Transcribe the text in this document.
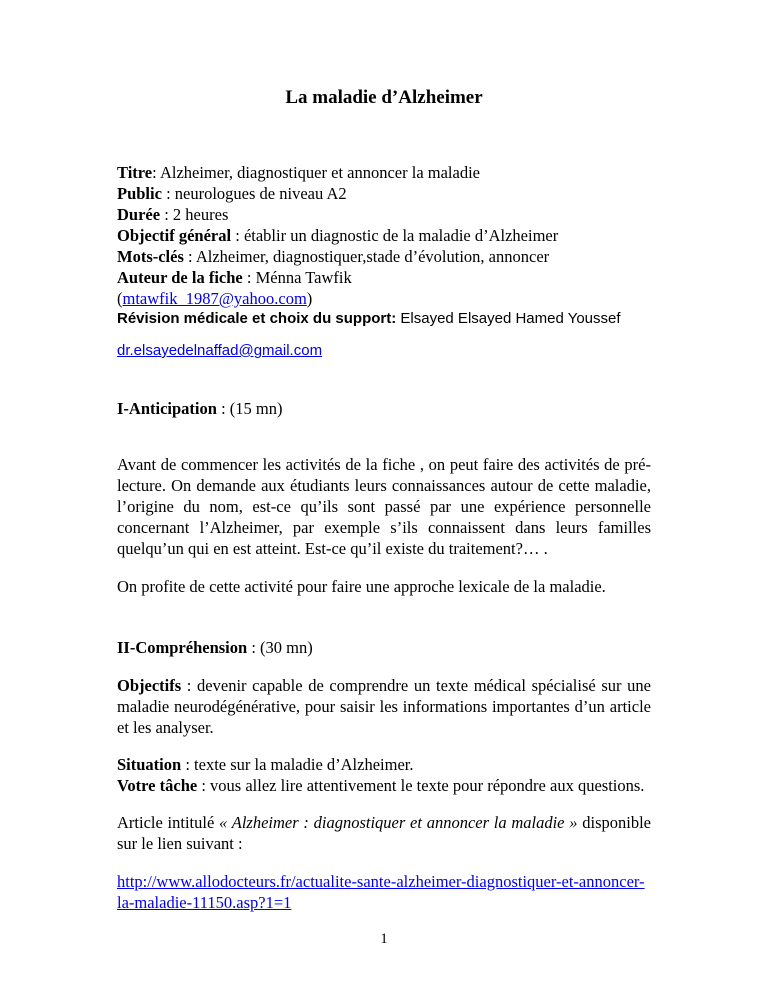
La maladie d’Alzheimer
Titre: Alzheimer, diagnostiquer et annoncer la maladie
Public : neurologues de niveau A2
Durée : 2 heures
Objectif général : établir un diagnostic de la maladie d’Alzheimer
Mots-clés : Alzheimer, diagnostiquer,stade d’évolution, annoncer
Auteur de la fiche : Ménna Tawfik
(mtawfik_1987@yahoo.com)
Révision médicale et choix du support: Elsayed Elsayed Hamed Youssef
dr.elsayedelnaffad@gmail.com
I-Anticipation : (15 mn)

Avant de commencer les activités de la fiche , on peut faire des activités de pré-lecture. On demande aux étudiants leurs connaissances autour de cette maladie, l’origine du nom, est-ce qu’ils sont passé par une expérience personnelle concernant l’Alzheimer, par exemple s’ils connaissent dans leurs familles quelqu’un qui en est atteint. Est-ce qu’il existe du traitement?… .

On profite de cette activité pour faire une approche lexicale de la maladie.

II-Compréhension : (30 mn)

Objectifs : devenir capable de comprendre un texte médical spécialisé sur une maladie neurodégénérative, pour saisir les informations importantes d’un article et les analyser.

Situation : texte sur la maladie d’Alzheimer.
Votre tâche : vous allez lire attentivement le texte pour répondre aux questions.

Article intitulé « Alzheimer : diagnostiquer et annoncer la maladie » disponible sur le lien suivant :

http://www.allodocteurs.fr/actualite-sante-alzheimer-diagnostiquer-et-annoncer-la-maladie-11150.asp?1=1

1
